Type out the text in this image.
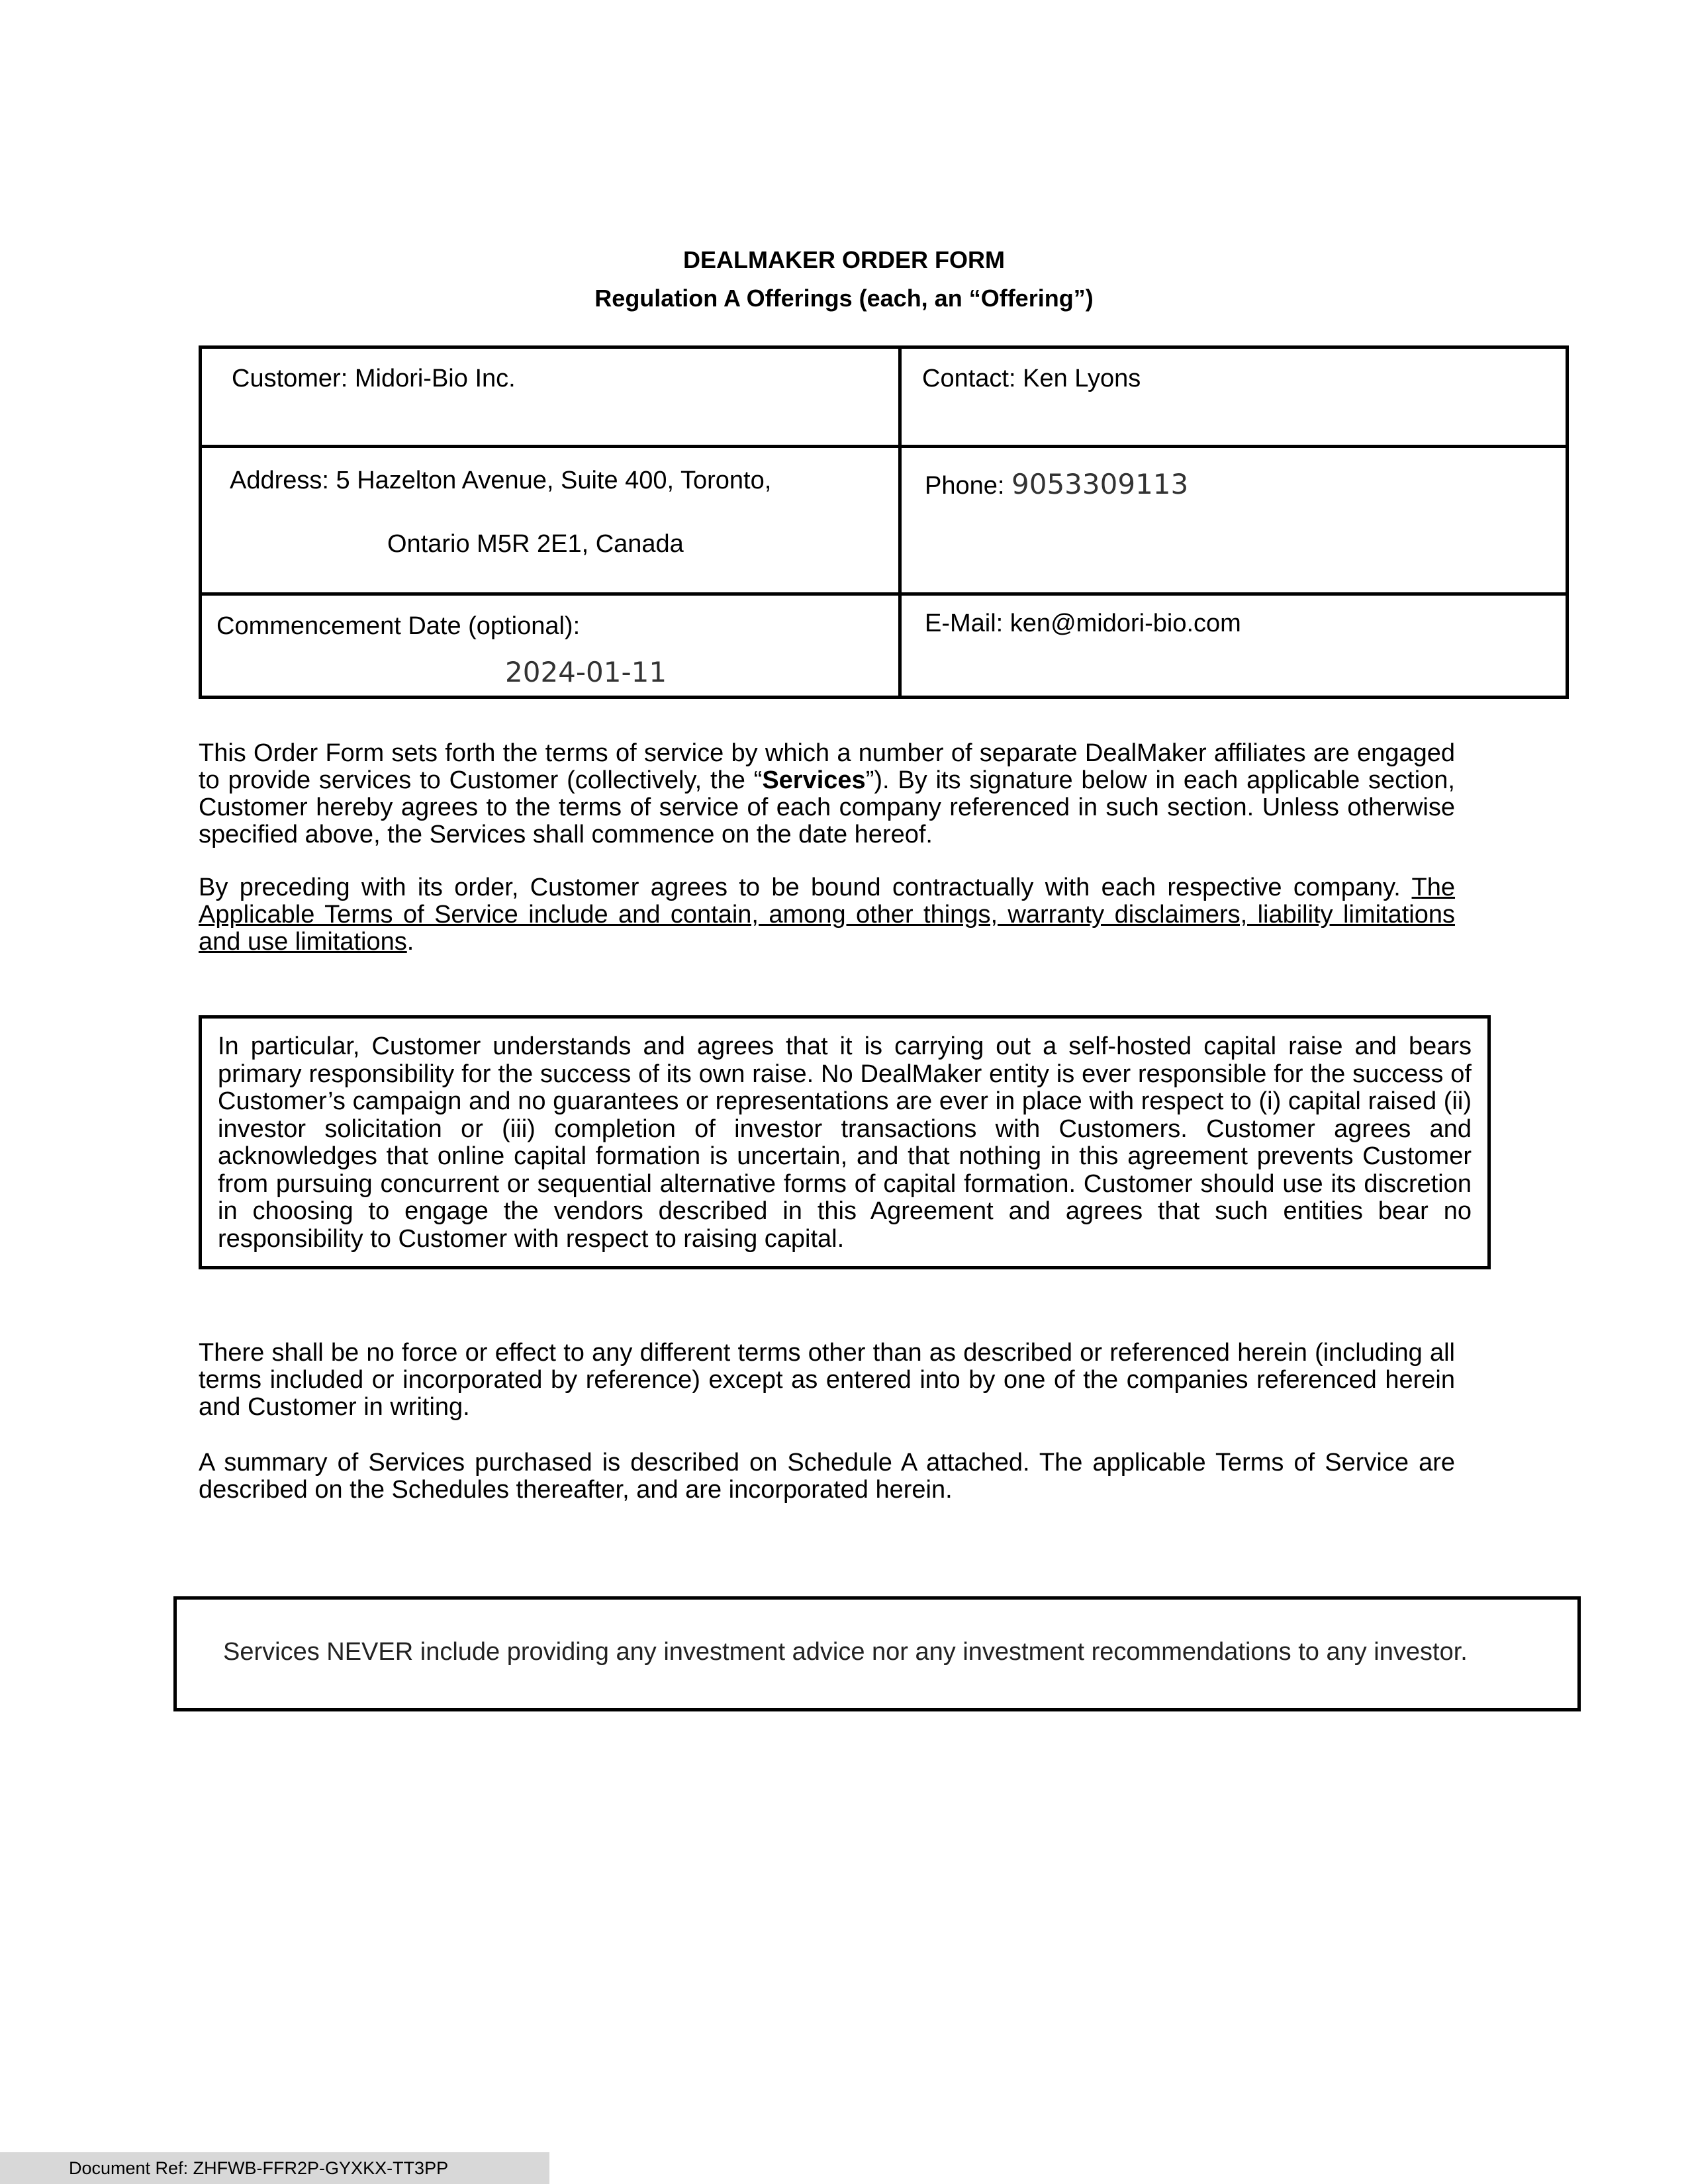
DEALMAKER ORDER FORM
Regulation A Offerings (each, an “Offering”)
Customer: Midori-Bio Inc.	Contact: Ken Lyons
Address: 5 Hazelton Avenue, Suite 400, Toronto,
Ontario M5R 2E1, Canada
Phone: 9053309113
Commencement Date (optional):
2024-01-11
E-Mail: ken@midori-bio.com
This Order Form sets forth the terms of service by which a number of separate DealMaker affiliates are engaged to provide services to Customer (collectively, the “Services”). By its signature below in each applicable section, Customer hereby agrees to the terms of service of each company referenced in such section. Unless otherwise specified above, the Services shall commence on the date hereof.
By preceding with its order, Customer agrees to be bound contractually with each respective company. The Applicable Terms of Service include and contain, among other things, warranty disclaimers, liability limitations and use limitations.
In particular, Customer understands and agrees that it is carrying out a self-hosted capital raise and bears primary responsibility for the success of its own raise. No DealMaker entity is ever responsible for the success of Customer’s campaign and no guarantees or representations are ever in place with respect to (i) capital raised (ii) investor solicitation or (iii) completion of investor transactions with Customers. Customer agrees and acknowledges that online capital formation is uncertain, and that nothing in this agreement prevents Customer from pursuing concurrent or sequential alternative forms of capital formation. Customer should use its discretion in choosing to engage the vendors described in this Agreement and agrees that such entities bear no responsibility to Customer with respect to raising capital.
There shall be no force or effect to any different terms other than as described or referenced herein (including all terms included or incorporated by reference) except as entered into by one of the companies referenced herein and Customer in writing.
A summary of Services purchased is described on Schedule A attached. The applicable Terms of Service are described on the Schedules thereafter, and are incorporated herein.
Services NEVER include providing any investment advice nor any investment recommendations to any investor.
Document Ref: ZHFWB-FFR2P-GYXKX-TT3PP
